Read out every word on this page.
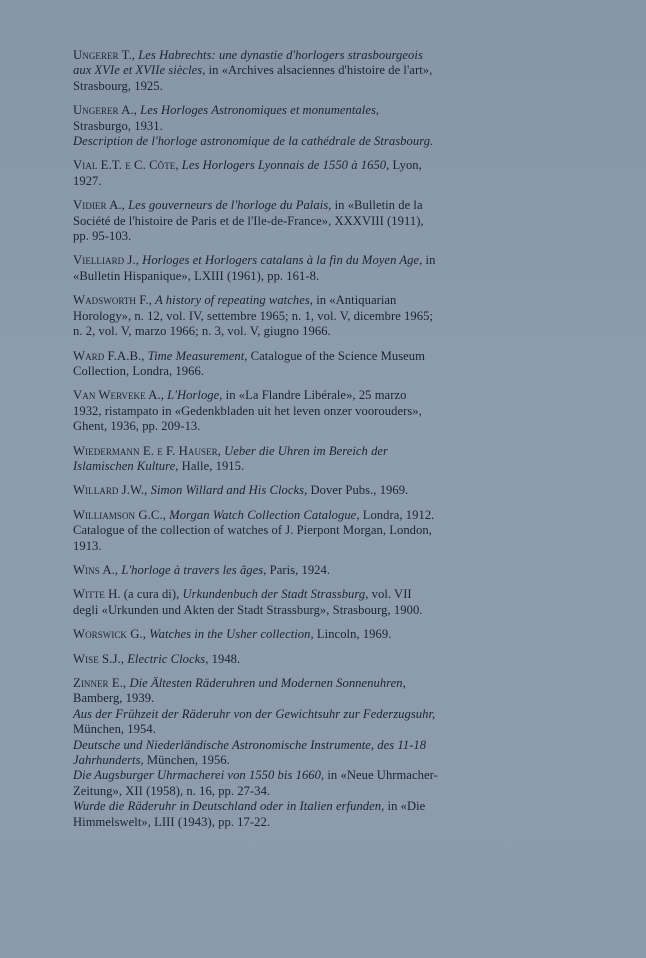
Ungerer T., Les Habrechts: une dynastie d'horlogers strasbourgeois
aux XVIe et XVIIe siècles, in «Archives alsaciennes d'histoire de l'art»,
Strasbourg, 1925.
Ungerer A., Les Horloges Astronomiques et monumentales,
Strasburgo, 1931.
Description de l'horloge astronomique de la cathédrale de Strasbourg.
Vial E.T. e C. Côte, Les Horlogers Lyonnais de 1550 à 1650, Lyon,
1927.
Vidier A., Les gouverneurs de l'horloge du Palais, in «Bulletin de la
Société de l'histoire de Paris et de l'Ile-de-France», XXXVIII (1911),
pp. 95-103.
Vielliard J., Horloges et Horlogers catalans à la fin du Moyen Age, in
«Bulletin Hispanique», LXIII (1961), pp. 161-8.
Wadsworth F., A history of repeating watches, in «Antiquarian
Horology», n. 12, vol. IV, settembre 1965; n. 1, vol. V, dicembre 1965;
n. 2, vol. V, marzo 1966; n. 3, vol. V, giugno 1966.
Ward F.A.B., Time Measurement, Catalogue of the Science Museum
Collection, Londra, 1966.
Van Werveke A., L'Horloge, in «La Flandre Libérale», 25 marzo
1932, ristampato in «Gedenkbladen uit het leven onzer voorouders»,
Ghent, 1936, pp. 209-13.
Wiedermann E. e F. Hauser, Ueber die Uhren im Bereich der
Islamischen Kulture, Halle, 1915.
Willard J.W., Simon Willard and His Clocks, Dover Pubs., 1969.
Williamson G.C., Morgan Watch Collection Catalogue, Londra, 1912.
Catalogue of the collection of watches of J. Pierpont Morgan, London,
1913.
Wins A., L'horloge à travers les âges, Paris, 1924.
Witte H. (a cura di), Urkundenbuch der Stadt Strassburg, vol. VII
degli «Urkunden und Akten der Stadt Strassburg», Strasbourg, 1900.
Worswick G., Watches in the Usher collection, Lincoln, 1969.
Wise S.J., Electric Clocks, 1948.
Zinner E., Die Ältesten Räderuhren und Modernen Sonnenuhren,
Bamberg, 1939.
Aus der Frühzeit der Räderuhr von der Gewichtsuhr zur Federzugsuhr,
München, 1954.
Deutsche und Niederländische Astronomische Instrumente, des 11-18
Jahrhunderts, München, 1956.
Die Augsburger Uhrmacherei von 1550 bis 1660, in «Neue Uhrmacher-
Zeitung», XII (1958), n. 16, pp. 27-34.
Wurde die Räderuhr in Deutschland oder in Italien erfunden, in «Die
Himmelswelt», LIII (1943), pp. 17-22.
